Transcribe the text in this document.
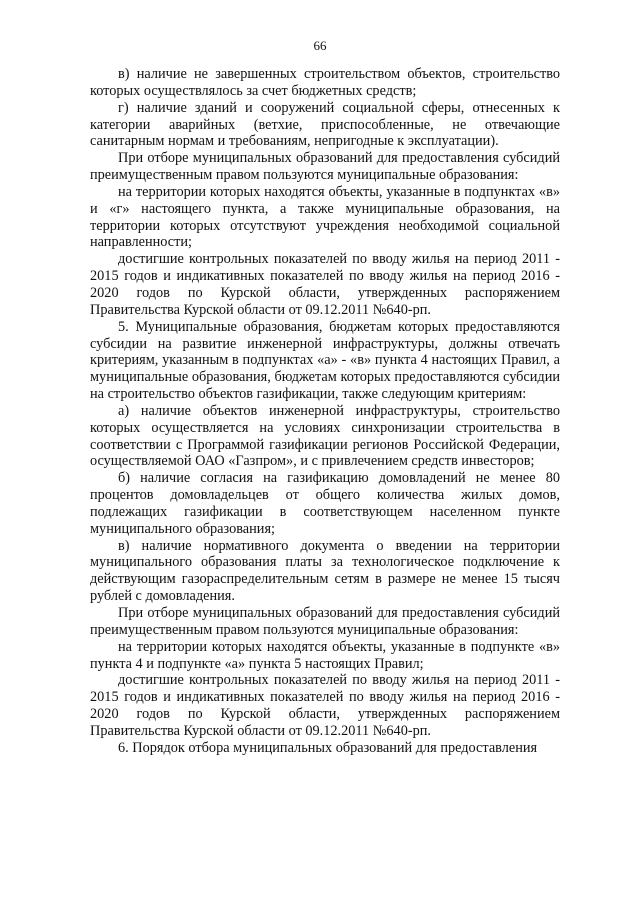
66

в) наличие не завершенных строительством объектов, строительство которых осуществлялось за счет бюджетных средств;

г) наличие зданий и сооружений социальной сферы, отнесенных к категории аварийных (ветхие, приспособленные, не отвечающие санитарным нормам и требованиям, непригодные к эксплуатации).

При отборе муниципальных образований для предоставления субсидий преимущественным правом пользуются муниципальные образования:

на территории которых находятся объекты, указанные в подпунктах «в» и «г» настоящего пункта, а также муниципальные образования, на территории которых отсутствуют учреждения необходимой социальной направленности;

достигшие контрольных показателей по вводу жилья на период 2011 - 2015 годов и индикативных показателей по вводу жилья на период 2016 - 2020 годов по Курской области, утвержденных распоряжением Правительства Курской области от 09.12.2011 №640-рп.

5. Муниципальные образования, бюджетам которых предоставляются субсидии на развитие инженерной инфраструктуры, должны отвечать критериям, указанным в подпунктах «а» - «в» пункта 4 настоящих Правил, а муниципальные образования, бюджетам которых предоставляются субсидии на строительство объектов газификации, также следующим критериям:

а) наличие объектов инженерной инфраструктуры, строительство которых осуществляется на условиях синхронизации строительства в соответствии с Программой газификации регионов Российской Федерации, осуществляемой ОАО «Газпром», и с привлечением средств инвесторов;

б) наличие согласия на газификацию домовладений не менее 80 процентов домовладельцев от общего количества жилых домов, подлежащих газификации в соответствующем населенном пункте муниципального образования;

в) наличие нормативного документа о введении на территории муниципального образования платы за технологическое подключение к действующим газораспределительным сетям в размере не менее 15 тысяч рублей с домовладения.

При отборе муниципальных образований для предоставления субсидий преимущественным правом пользуются муниципальные образования:

на территории которых находятся объекты, указанные в подпункте «в» пункта 4 и подпункте «а» пункта 5 настоящих Правил;

достигшие контрольных показателей по вводу жилья на период 2011 - 2015 годов и индикативных показателей по вводу жилья на период 2016 - 2020 годов по Курской области, утвержденных распоряжением Правительства Курской области от 09.12.2011 №640-рп.

6. Порядок отбора муниципальных образований для предоставления
